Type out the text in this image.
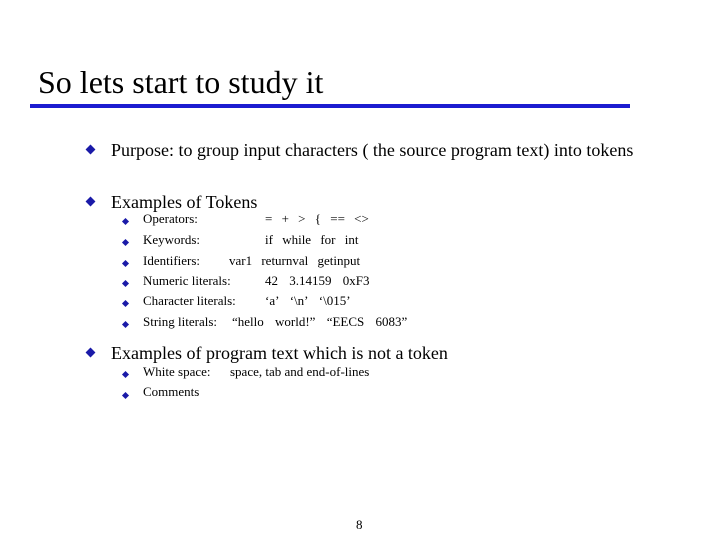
So lets start to study it
Purpose: to group input characters ( the source program text) into tokens
Examples of Tokens
Operators:	= + > { == <>
Keywords:	if while for int
Identifiers: var1 returnval getinput
Numeric literals:	42 3.14159 0xF3
Character literals: ‘a’ ‘\n’ ‘\015’
String literals: “hello world!” “EECS 6083”
Examples of program text which is not a token
White space: space, tab and end-of-lines
Comments
8
